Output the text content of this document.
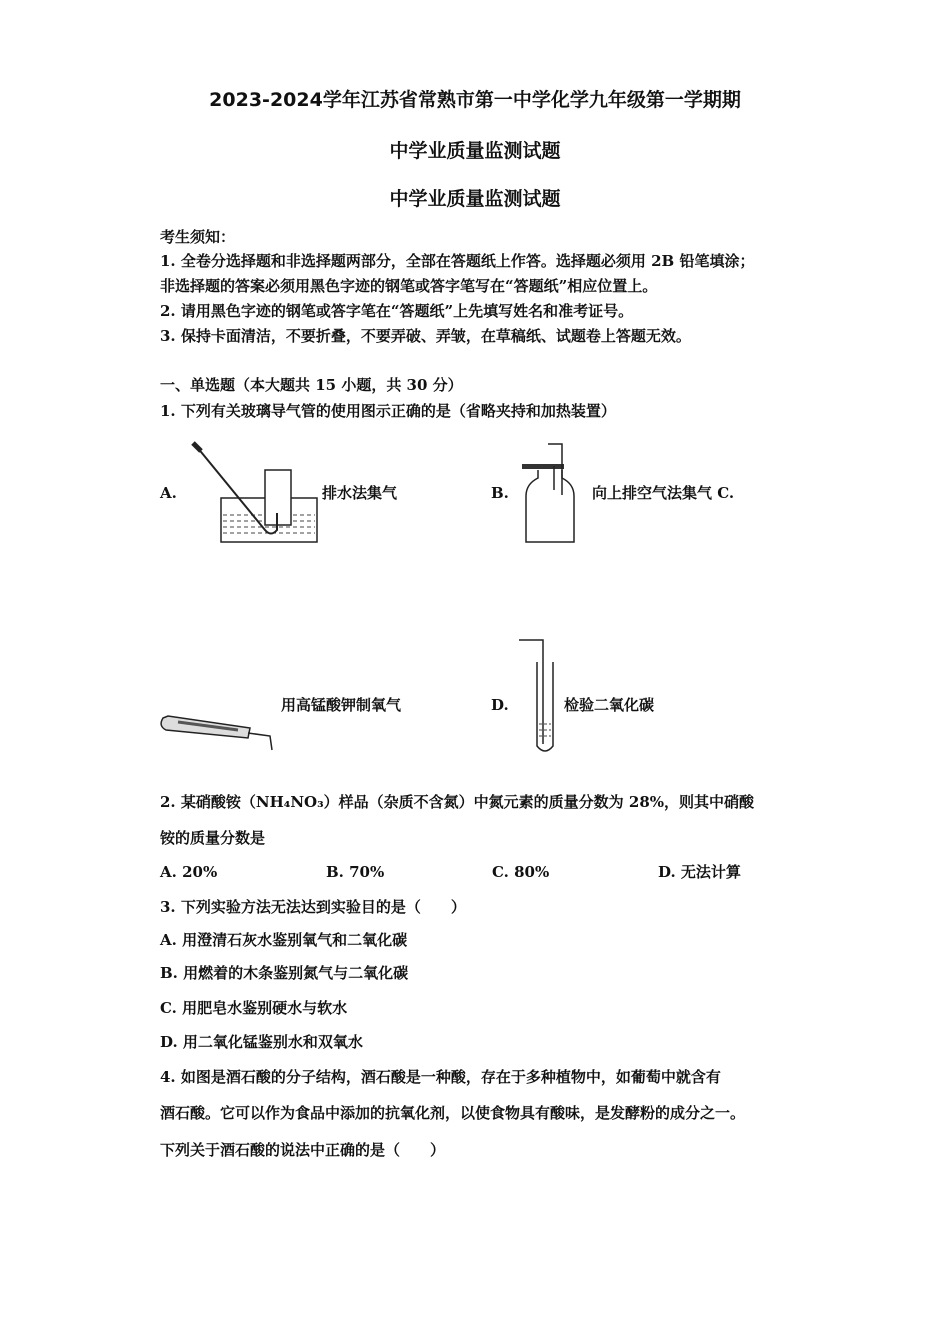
2023-2024学年江苏省常熟市第一中学化学九年级第一学期期
中学业质量监测试题
中学业质量监测试题
考生须知：
1. 全卷分选择题和非选择题两部分，全部在答题纸上作答。选择题必须用 2B 铅笔填涂；
非选择题的答案必须用黑色字迹的钢笔或答字笔写在“答题纸”相应位置上。
2. 请用黑色字迹的钢笔或答字笔在“答题纸”上先填写姓名和准考证号。
3. 保持卡面清洁，不要折叠，不要弄破、弄皱，在草稿纸、试题卷上答题无效。
一、单选题（本大题共 15 小题，共 30 分）
1. 下列有关玻璃导气管的使用图示正确的是（省略夹持和加热装置）
A.	排水法集气	B.	向上排空气法集气 C.
用高锰酸钾制氧气	D.	检验二氧化碳
2. 某硝酸铵（NH₄NO₃）样品（杂质不含氮）中氮元素的质量分数为 28%，则其中硝酸
铵的质量分数是
A. 20%	B. 70%	C. 80%	D. 无法计算
3. 下列实验方法无法达到实验目的是（　　）
A. 用澄清石灰水鉴别氧气和二氧化碳
B. 用燃着的木条鉴别氮气与二氧化碳
C. 用肥皂水鉴别硬水与软水
D. 用二氧化锰鉴别水和双氧水
4. 如图是酒石酸的分子结构，酒石酸是一种酸，存在于多种植物中，如葡萄中就含有
酒石酸。它可以作为食品中添加的抗氧化剂，以使食物具有酸味，是发酵粉的成分之一。
下列关于酒石酸的说法中正确的是（　　）
